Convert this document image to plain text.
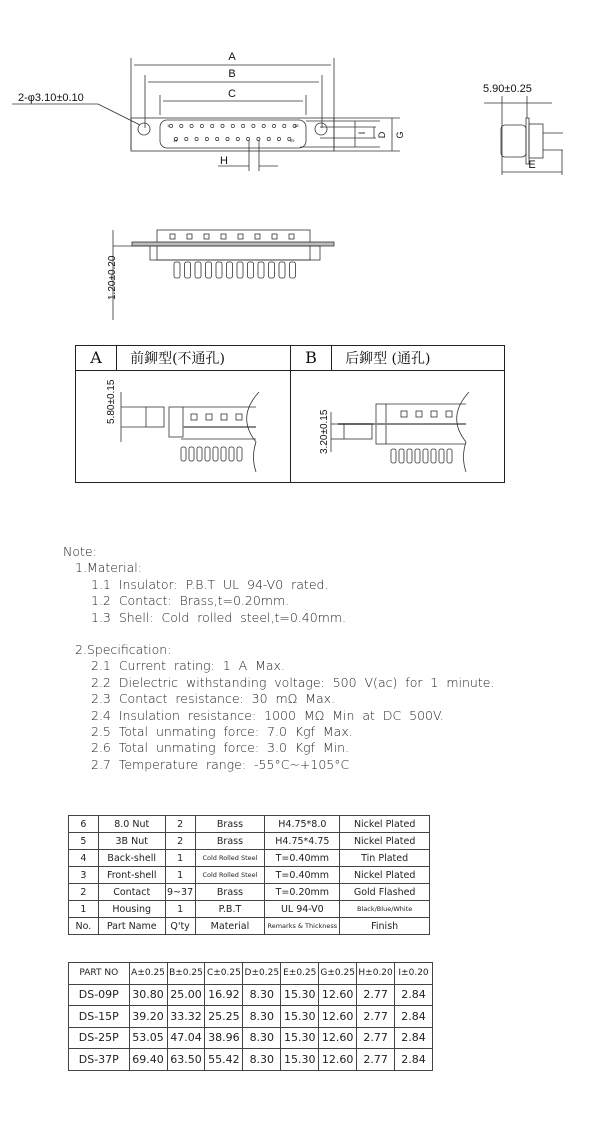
A
B
C
H
2-φ3.10±0.10
I D G
1	13
14	25
5.90±0.25
E
1.20±0.20
A 前鉚型(不通孔)	B 后鉚型 (通孔)
5.80±0.15
3.20±0.15
Note:
1.Material:
1.1  Insulator:  P.B.T  UL  94-V0  rated.
1.2  Contact:  Brass,t=0.20mm.
1.3  Shell:  Cold  rolled  steel,t=0.40mm.
2.Specification:
2.1  Current  rating:  1  A  Max.
2.2  Dielectric  withstanding  voltage:  500  V(ac)  for  1  minute.
2.3  Contact  resistance:  30  mΩ  Max.
2.4  Insulation  resistance:  1000  MΩ  Min  at  DC  500V.
2.5  Total  unmating  force:  7.0  Kgf  Max.
2.6  Total  unmating  force:  3.0  Kgf  Min.
2.7  Temperature  range:  -55°C~+105°C
6	8.0 Nut	2	Brass	H4.75*8.0	Nickel Plated
5	3B Nut	2	Brass	H4.75*4.75	Nickel Plated
4	Back-shell	1	Cold Rolled Steel	T=0.40mm	Tin Plated
3	Front-shell	1	Cold Rolled Steel	T=0.40mm	Nickel Plated
2	Contact	9~37	Brass	T=0.20mm	Gold Flashed
1	Housing	1	P.B.T	UL 94-V0	Black/Blue/White
No.	Part Name	Q'ty	Material	Remarks & Thickness	Finish
PART NO	A±0.25	B±0.25	C±0.25	D±0.25	E±0.25	G±0.25	H±0.20	I±0.20
DS-09P	30.80	25.00	16.92	8.30	15.30	12.60	2.77	2.84
DS-15P	39.20	33.32	25.25	8.30	15.30	12.60	2.77	2.84
DS-25P	53.05	47.04	38.96	8.30	15.30	12.60	2.77	2.84
DS-37P	69.40	63.50	55.42	8.30	15.30	12.60	2.77	2.84
